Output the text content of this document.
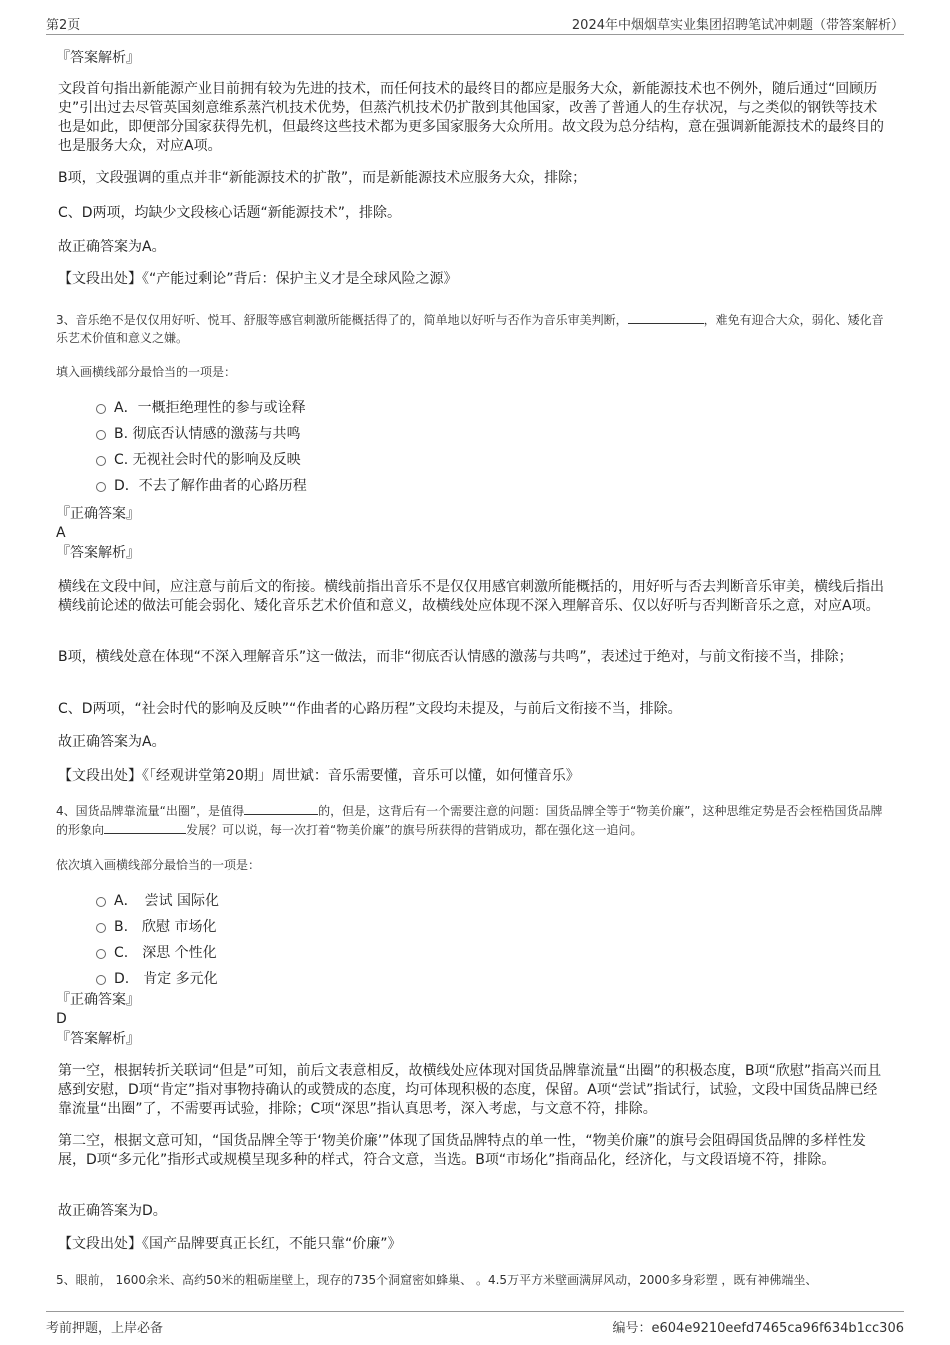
第2页	2024年中烟烟草实业集团招聘笔试冲刺题（带答案解析）
『答案解析』

文段首句指出新能源产业目前拥有较为先进的技术，而任何技术的最终目的都应是服务大众，新能源技术也不例外，随后通过“回顾历史”引出过去尽管英国刻意维系蒸汽机技术优势，但蒸汽机技术仍扩散到其他国家，改善了普通人的生存状况，与之类似的钢铁等技术也是如此，即便部分国家获得先机，但最终这些技术都为更多国家服务大众所用。故文段为总分结构，意在强调新能源技术的最终目的也是服务大众，对应A项。

B项，文段强调的重点并非“新能源技术的扩散”，而是新能源技术应服务大众，排除；

C、D两项，均缺少文段核心话题“新能源技术”，排除。

故正确答案为A。

【文段出处】《“产能过剩论”背后：保护主义才是全球风险之源》

3、音乐绝不是仅仅用好听、悦耳、舒服等感官刺激所能概括得了的，简单地以好听与否作为音乐审美判断，	，难免有迎合大众，弱化、矮化音乐艺术价值和意义之嫌。

填入画横线部分最恰当的一项是：

A．一概拒绝理性的参与或诠释
B. 彻底否认情感的激荡与共鸣
C. 无视社会时代的影响及反映
D．不去了解作曲者的心路历程
『正确答案』
A
『答案解析』

横线在文段中间，应注意与前后文的衔接。横线前指出音乐不是仅仅用感官刺激所能概括的，用好听与否去判断音乐审美，横线后指出横线前论述的做法可能会弱化、矮化音乐艺术价值和意义，故横线处应体现不深入理解音乐、仅以好听与否判断音乐之意，对应A项。

B项，横线处意在体现“不深入理解音乐”这一做法，而非“彻底否认情感的激荡与共鸣”，表述过于绝对，与前文衔接不当，排除；

C、D两项，“社会时代的影响及反映”“作曲者的心路历程”文段均未提及，与前后文衔接不当，排除。

故正确答案为A。

【文段出处】《「经观讲堂第20期」周世斌：音乐需要懂，音乐可以懂，如何懂音乐》

4、国货品牌靠流量“出圈”，是值得	的，但是，这背后有一个需要注意的问题：国货品牌全等于“物美价廉”，这种思维定势是否会桎梏国货品牌的形象向	发展？可以说，每一次打着“物美价廉”的旗号所获得的营销成功，都在强化这一追问。

依次填入画横线部分最恰当的一项是：

A．　尝试 国际化
B.　欣慰 市场化
C.　深思 个性化
D.　肯定 多元化
『正确答案』
D
『答案解析』

第一空，根据转折关联词“但是”可知，前后文表意相反，故横线处应体现对国货品牌靠流量“出圈”的积极态度，B项“欣慰”指高兴而且感到安慰，D项“肯定”指对事物持确认的或赞成的态度，均可体现积极的态度，保留。A项“尝试”指试行，试验，文段中国货品牌已经靠流量“出圈”了，不需要再试验，排除；C项“深思”指认真思考，深入考虑，与文意不符，排除。

第二空，根据文意可知，“国货品牌全等于‘物美价廉’”体现了国货品牌特点的单一性，“物美价廉”的旗号会阻碍国货品牌的多样性发展，D项“多元化”指形式或规模呈现多种的样式，符合文意，当选。B项“市场化”指商品化，经济化，与文段语境不符，排除。

故正确答案为D。

【文段出处】《国产品牌要真正长红，不能只靠“价廉”》

5、眼前， 1600余米、高约50米的粗砺崖壁上，现存的735个洞窟密如蜂巢、 。4.5万平方米壁画满屏风动，2000多身彩塑 ，既有神佛端坐、

考前押题，上岸必备	编号：e604e9210eefd7465ca96f634b1cc306
